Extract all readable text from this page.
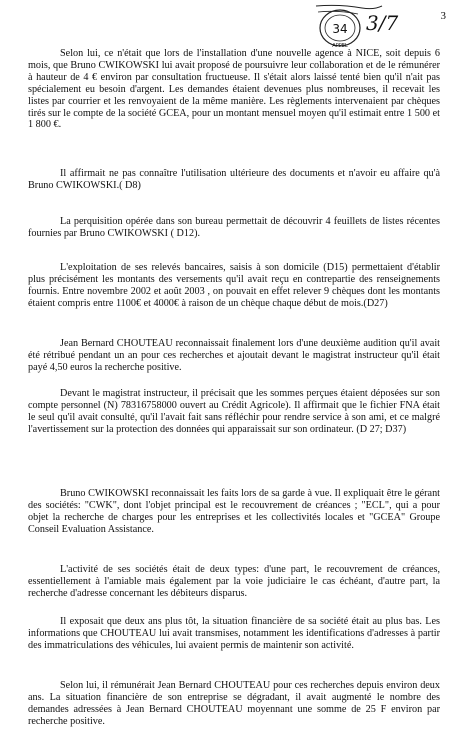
34
APPEL
3/7	3

Selon lui, ce n'était que lors de l'installation d'une nouvelle agence à NICE, soit depuis 6 mois, que Bruno CWIKOWSKI lui avait proposé de poursuivre leur collaboration et de le rémunérer à hauteur de 4 € environ par consultation fructueuse. Il s'était alors laissé tenté bien qu'il n'ait pas spécialement eu besoin d'argent. Les demandes étaient devenues plus nombreuses, il recevait les listes par courrier et les renvoyaient de la même manière. Les règlements intervenaient par chèques tirés sur le compte de la société GCEA, pour un montant mensuel moyen qu'il estimait entre 1 500 et 1 800 €.

Il affirmait ne pas connaître l'utilisation ultérieure des documents et n'avoir eu affaire qu'à Bruno CWIKOWSKI.( D8)

La perquisition opérée dans son bureau permettait de découvrir 4 feuillets de listes récentes fournies par Bruno CWIKOWSKI ( D12).

L'exploitation de ses relevés bancaires, saisis à son domicile (D15) permettaient d'établir plus précisément les montants des versements qu'il avait reçu en contrepartie des renseignements fournis. Entre novembre 2002 et août 2003 , on pouvait en effet relever 9 chèques dont les montants étaient compris entre 1100€ et 4000€ à raison de un chèque chaque début de mois.(D27)

Jean Bernard CHOUTEAU reconnaissait finalement lors d'une deuxième audition qu'il avait été rétribué pendant un an pour ces recherches et ajoutait devant le magistrat instructeur qu'il était payé 4,50 euros la recherche positive.

Devant le magistrat instructeur, il précisait que les sommes perçues étaient déposées sur son compte personnel (N) 78316758000 ouvert au Crédit Agricole). Il affirmait que le fichier FNA était le seul qu'il avait consulté, qu'il l'avait fait sans réfléchir pour rendre service à son ami, et ce malgré l'avertissement sur la protection des données qui apparaissait sur son ordinateur. (D 27; D37)

Bruno CWIKOWSKI reconnaissait les faits lors de sa garde à vue. Il expliquait être le gérant des sociétés: "CWK", dont l'objet principal est le recouvrement de créances ; "ECL", qui a pour objet la recherche de charges pour les entreprises et les collectivités locales et "GCEA" Groupe Conseil Evaluation Assistance.

L'activité de ses sociétés était de deux types: d'une part, le recouvrement de créances, essentiellement à l'amiable mais également par la voie judiciaire le cas échéant, d'autre part, la recherche d'adresse concernant les débiteurs disparus.

Il exposait que deux ans plus tôt, la situation financière de sa société était au plus bas. Les informations que CHOUTEAU lui avait transmises, notamment les identifications d'adresses à partir des immatriculations des véhicules, lui avaient permis de maintenir son activité.

Selon lui, il rémunérait Jean Bernard CHOUTEAU pour ces recherches depuis environ deux ans. La situation financière de son entreprise se dégradant, il avait augmenté le nombre des demandes adressées à Jean Bernard CHOUTEAU moyennant une somme de 25 F environ par recherche positive.
